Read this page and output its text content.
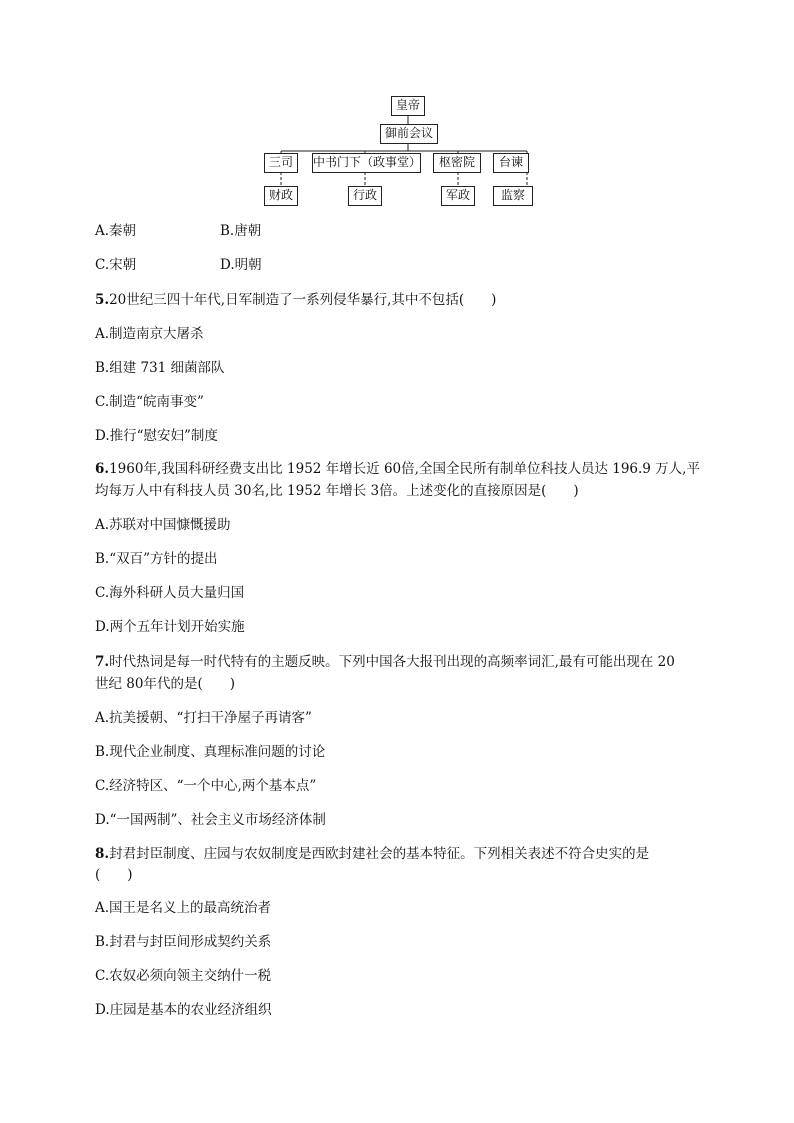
皇帝
御前会议
三司	中书门下（政事堂）	枢密院	台谏
财政	行政	军政	监察
A.秦朝	B.唐朝
C.宋朝	D.明朝
5.20世纪三四十年代,日军制造了一系列侵华暴行,其中不包括(　　)
A.制造南京大屠杀
B.组建 731 细菌部队
C.制造“皖南事变”
D.推行“慰安妇”制度
6.1960年,我国科研经费支出比 1952 年增长近 60倍,全国全民所有制单位科技人员达 196.9 万人,平
均每万人中有科技人员 30名,比 1952 年增长 3倍。上述变化的直接原因是(　　)
A.苏联对中国慷慨援助
B.“双百”方针的提出
C.海外科研人员大量归国
D.两个五年计划开始实施
7.时代热词是每一时代特有的主题反映。下列中国各大报刊出现的高频率词汇,最有可能出现在 20
世纪 80年代的是(　　)
A.抗美援朝、“打扫干净屋子再请客”
B.现代企业制度、真理标准问题的讨论
C.经济特区、“一个中心,两个基本点”
D.“一国两制”、社会主义市场经济体制
8.封君封臣制度、庄园与农奴制度是西欧封建社会的基本特征。下列相关表述不符合史实的是
(　　)
A.国王是名义上的最高统治者
B.封君与封臣间形成契约关系
C.农奴必须向领主交纳什一税
D.庄园是基本的农业经济组织
